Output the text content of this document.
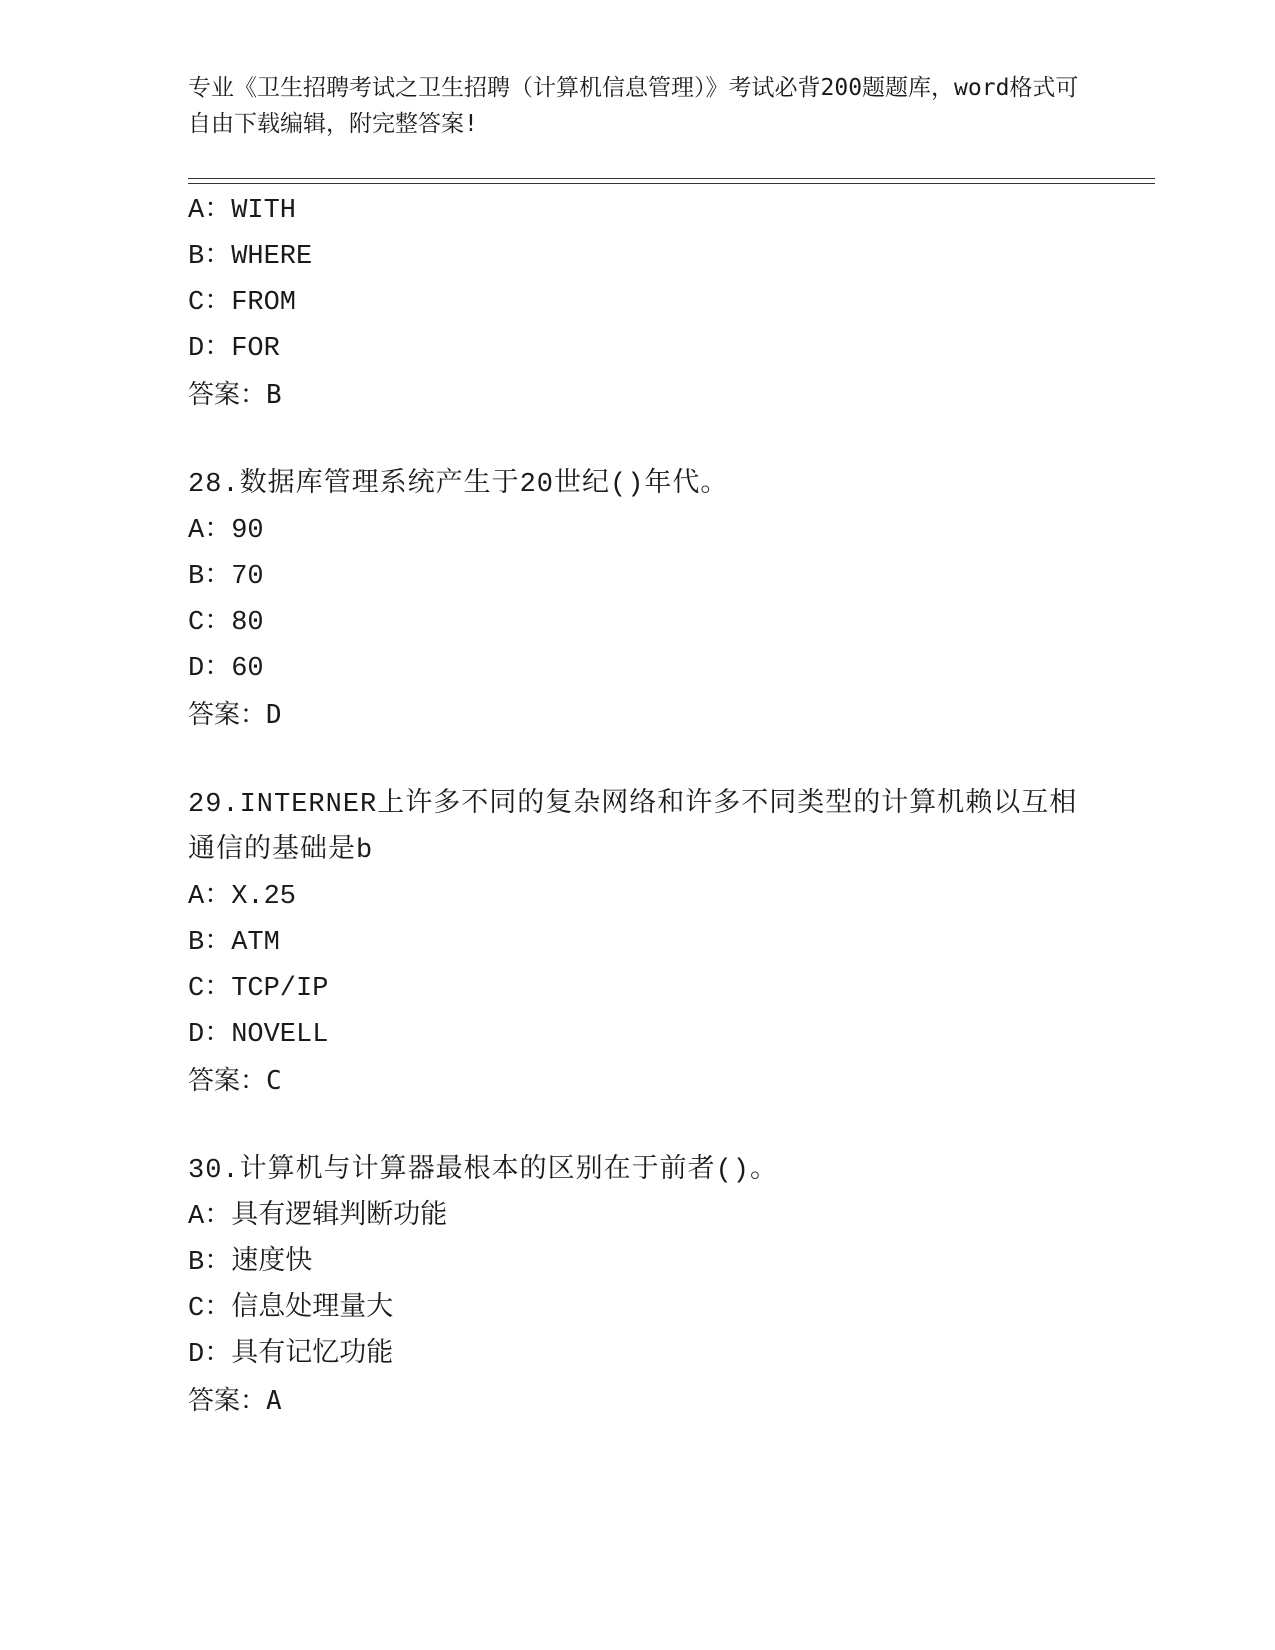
专业《卫生招聘考试之卫生招聘（计算机信息管理）》考试必背200题题库，word格式可自由下载编辑，附完整答案!
A：WITH
B：WHERE
C：FROM
D：FOR
答案：B
28.数据库管理系统产生于20世纪()年代。
A：90
B：70
C：80
D：60
答案：D
29.INTERNER上许多不同的复杂网络和许多不同类型的计算机赖以互相通信的基础是b
A：X.25
B：ATM
C：TCP/IP
D：NOVELL
答案：C
30.计算机与计算器最根本的区别在于前者()。
A：具有逻辑判断功能
B：速度快
C：信息处理量大
D：具有记忆功能
答案：A
